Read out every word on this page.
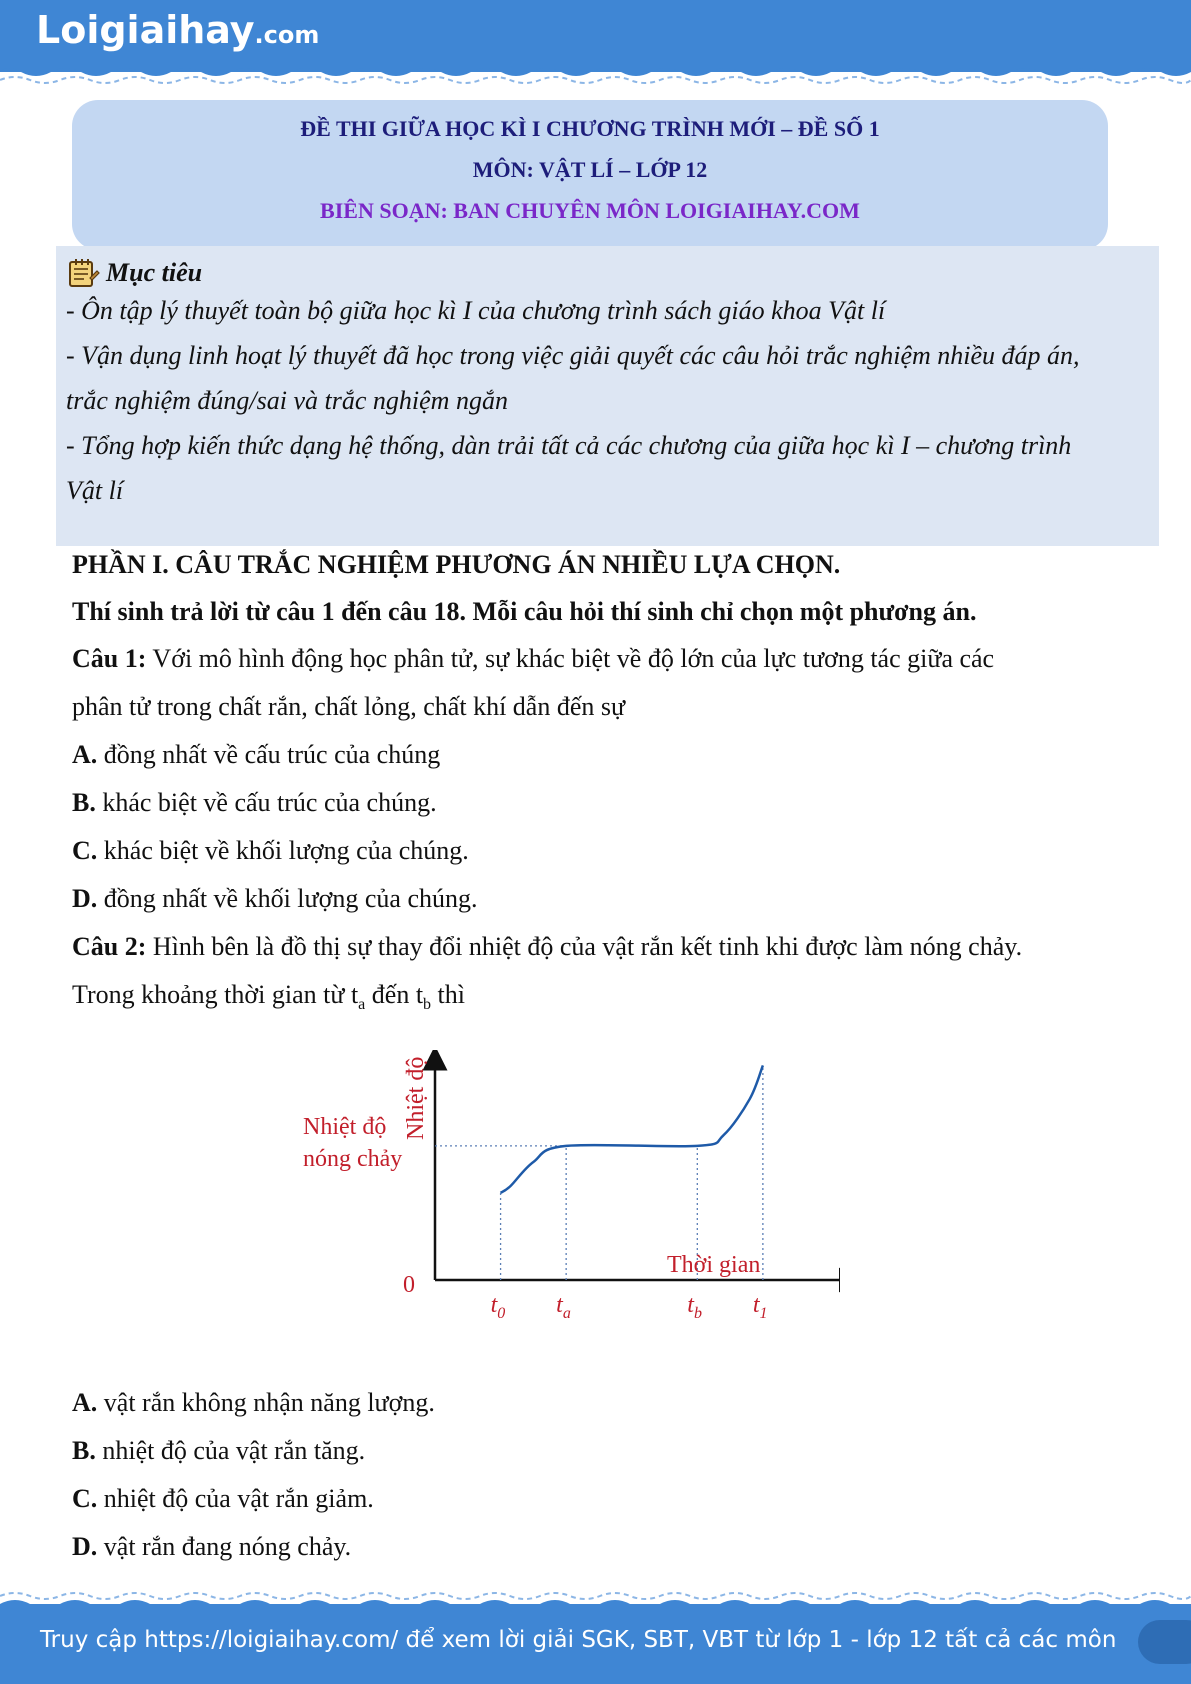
Loigiaihay.com
ĐỀ THI GIỮA HỌC KÌ I CHƯƠNG TRÌNH MỚI – ĐỀ SỐ 1
MÔN: VẬT LÍ – LỚP 12
BIÊN SOẠN: BAN CHUYÊN MÔN LOIGIAIHAY.COM
Mục tiêu
- Ôn tập lý thuyết toàn bộ giữa học kì I của chương trình sách giáo khoa Vật lí
- Vận dụng linh hoạt lý thuyết đã học trong việc giải quyết các câu hỏi trắc nghiệm nhiều đáp án,
trắc nghiệm đúng/sai và trắc nghiệm ngắn
- Tổng hợp kiến thức dạng hệ thống, dàn trải tất cả các chương của giữa học kì I – chương trình
Vật lí
PHẦN I. CÂU TRẮC NGHIỆM PHƯƠNG ÁN NHIỀU LỰA CHỌN.
Thí sinh trả lời từ câu 1 đến câu 18. Mỗi câu hỏi thí sinh chỉ chọn một phương án.
Câu 1: Với mô hình động học phân tử, sự khác biệt về độ lớn của lực tương tác giữa các
phân tử trong chất rắn, chất lỏng, chất khí dẫn đến sự
A. đồng nhất về cấu trúc của chúng
B. khác biệt về cấu trúc của chúng.
C. khác biệt về khối lượng của chúng.
D. đồng nhất về khối lượng của chúng.
Câu 2: Hình bên là đồ thị sự thay đổi nhiệt độ của vật rắn kết tinh khi được làm nóng chảy.
Trong khoảng thời gian từ $t_a$ đến $t_b$ thì
Nhiệt độ
Thời gian
0
Nhiệt độ
nóng chảy
$t_0$ $t_a$	$t_b$ $t_1$
A. vật rắn không nhận năng lượng.
B. nhiệt độ của vật rắn tăng.
C. nhiệt độ của vật rắn giảm.
D. vật rắn đang nóng chảy.
Truy cập https://loigiaihay.com/ để xem lời giải SGK, SBT, VBT từ lớp 1 - lớp 12 tất cả các môn
